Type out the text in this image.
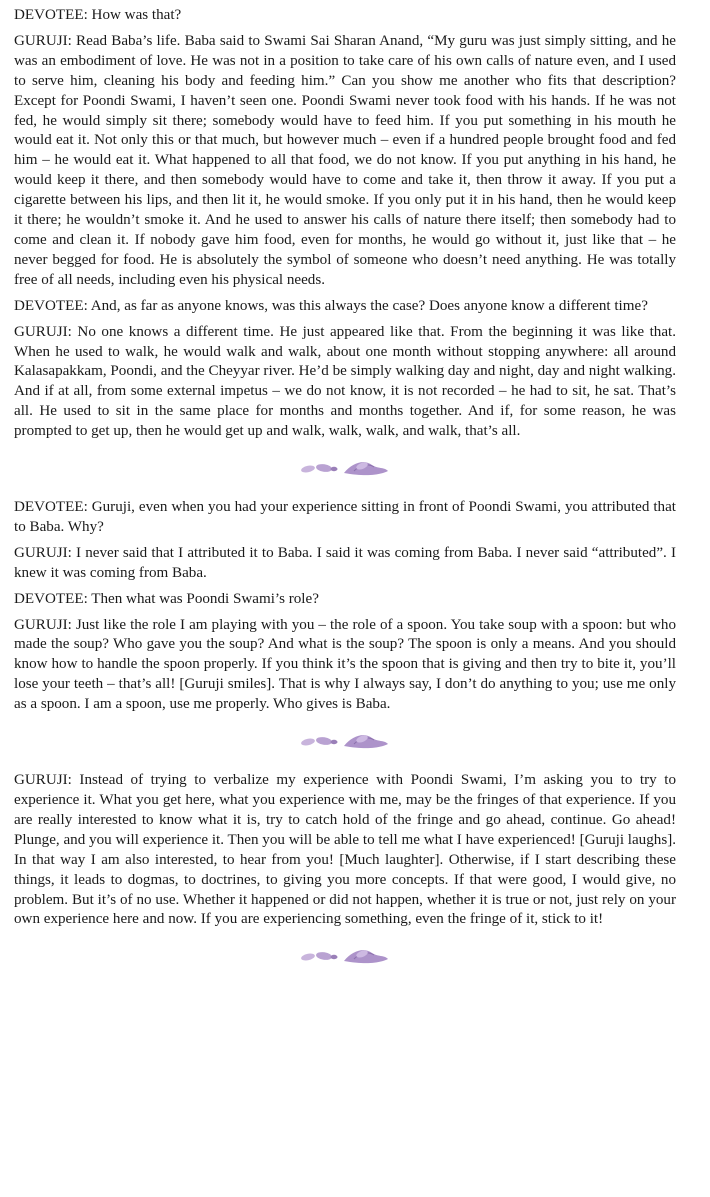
DEVOTEE: How was that?

GURUJI: Read Baba’s life. Baba said to Swami Sai Sharan Anand, “My guru was just simply sitting, and he was an embodiment of love. He was not in a position to take care of his own calls of nature even, and I used to serve him, cleaning his body and feeding him.” Can you show me another who fits that description? Except for Poondi Swami, I haven’t seen one. Poondi Swami never took food with his hands. If he was not fed, he would simply sit there; somebody would have to feed him. If you put something in his mouth he would eat it. Not only this or that much, but however much – even if a hundred people brought food and fed him – he would eat it. What happened to all that food, we do not know. If you put anything in his hand, he would keep it there, and then somebody would have to come and take it, then throw it away. If you put a cigarette between his lips, and then lit it, he would smoke. If you only put it in his hand, then he would keep it there; he wouldn’t smoke it. And he used to answer his calls of nature there itself; then somebody had to come and clean it. If nobody gave him food, even for months, he would go without it, just like that – he never begged for food. He is absolutely the symbol of someone who doesn’t need anything. He was totally free of all needs, including even his physical needs.

DEVOTEE: And, as far as anyone knows, was this always the case? Does anyone know a different time?

GURUJI: No one knows a different time. He just appeared like that. From the beginning it was like that. When he used to walk, he would walk and walk, about one month without stopping anywhere: all around Kalasapakkam, Poondi, and the Cheyyar river. He’d be simply walking day and night, day and night walking. And if at all, from some external impetus – we do not know, it is not recorded – he had to sit, he sat. That’s all. He used to sit in the same place for months and months together. And if, for some reason, he was prompted to get up, then he would get up and walk, walk, walk, and walk, that’s all.

DEVOTEE: Guruji, even when you had your experience sitting in front of Poondi Swami, you attributed that to Baba. Why?

GURUJI: I never said that I attributed it to Baba. I said it was coming from Baba. I never said “attributed”. I knew it was coming from Baba.

DEVOTEE: Then what was Poondi Swami’s role?

GURUJI: Just like the role I am playing with you – the role of a spoon. You take soup with a spoon: but who made the soup? Who gave you the soup? And what is the soup? The spoon is only a means. And you should know how to handle the spoon properly. If you think it’s the spoon that is giving and then try to bite it, you’ll lose your teeth – that’s all! [Guruji smiles]. That is why I always say, I don’t do anything to you; use me only as a spoon. I am a spoon, use me properly. Who gives is Baba.

GURUJI: Instead of trying to verbalize my experience with Poondi Swami, I’m asking you to try to experience it. What you get here, what you experience with me, may be the fringes of that experience. If you are really interested to know what it is, try to catch hold of the fringe and go ahead, continue. Go ahead! Plunge, and you will experience it. Then you will be able to tell me what I have experienced! [Guruji laughs]. In that way I am also interested, to hear from you! [Much laughter]. Otherwise, if I start describing these things, it leads to dogmas, to doctrines, to giving you more concepts. If that were good, I would give, no problem. But it’s of no use. Whether it happened or did not happen, whether it is true or not, just rely on your own experience here and now. If you are experiencing something, even the fringe of it, stick to it!
